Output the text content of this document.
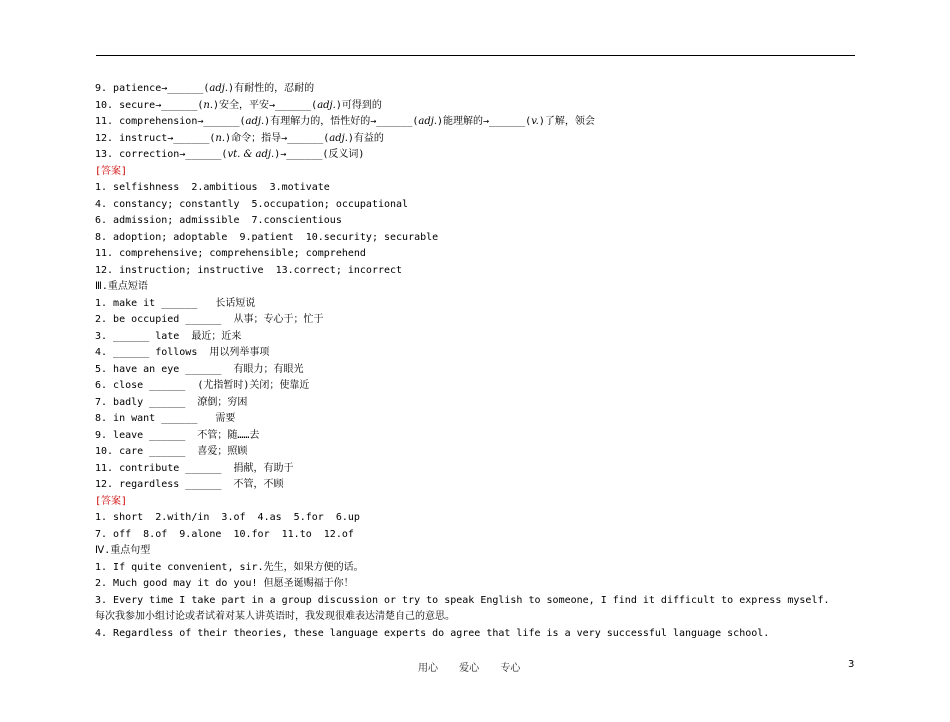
9. patience→______(adj.)有耐性的，忍耐的
10. secure→______(n.)安全，平安→______(adj.)可得到的
11. comprehension→______(adj.)有理解力的，悟性好的→______(adj.)能理解的→______(v.)了解，领会
12. instruct→______(n.)命令；指导→______(adj.)有益的
13. correction→______(vt. & adj.)→______(反义词)
[答案]
1. selfishness  2.ambitious  3.motivate
4. constancy; constantly  5.occupation; occupational
6. admission; admissible  7.conscientious
8. adoption; adoptable  9.patient  10.security; securable
11. comprehensive; comprehensible; comprehend
12. instruction; instructive  13.correct; incorrect
Ⅲ.重点短语
1. make it ______   长话短说
2. be occupied ______  从事；专心于；忙于
3. ______ late  最近；近来
4. ______ follows  用以列举事项
5. have an eye ______  有眼力；有眼光
6. close ______  (尤指暂时)关闭；使靠近
7. badly ______  潦倒；穷困
8. in want ______   需要
9. leave ______  不管；随……去
10. care ______  喜爱；照顾
11. contribute ______  捐献，有助于
12. regardless ______  不管，不顾
[答案]
1. short  2.with/in  3.of  4.as  5.for  6.up
7. off  8.of  9.alone  10.for  11.to  12.of
Ⅳ.重点句型
1. If quite convenient, sir.先生，如果方便的话。
2. Much good may it do you! 但愿圣诞赐福于你！
3. Every time I take part in a group discussion or try to speak English to someone, I find it difficult to express myself.
每次我参加小组讨论或者试着对某人讲英语时，我发现很难表达清楚自己的意思。
4. Regardless of their theories, these language experts do agree that life is a very successful language school.
用心 爱心 专心	3
